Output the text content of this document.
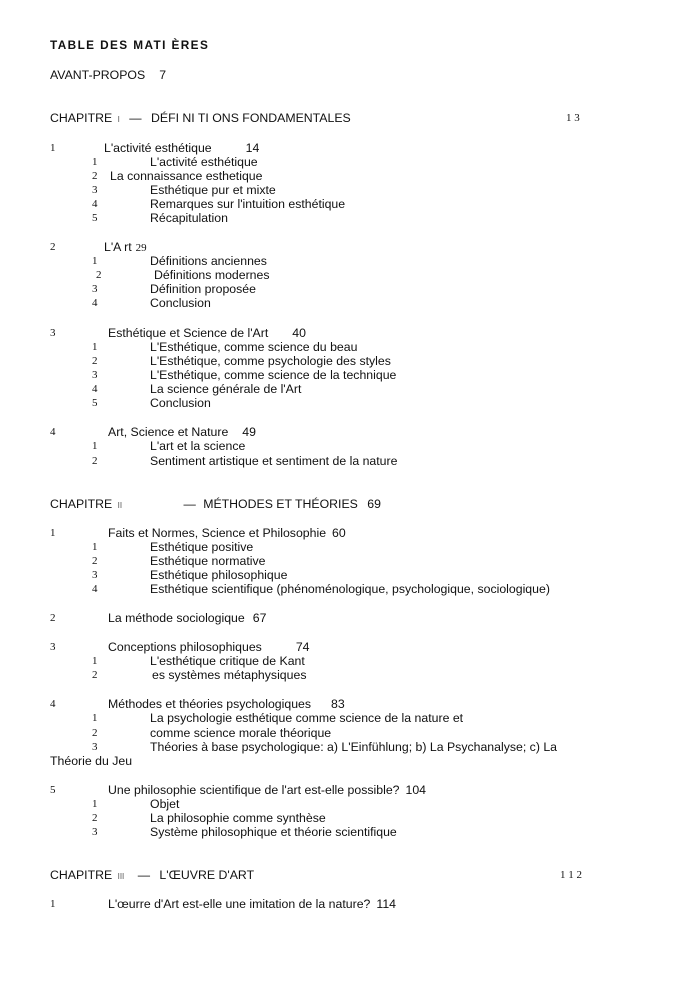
TABLE DES MATI ÈRES
AVANT-PROPOS 7
CHAPITRE I — DÉFI NI TI ONS FONDAMENTALES	1 3
1	L'activité esthétique	14
1	L'activité esthétique
2 La connaissance esthetique
3	Esthétique pur et mixte
4	Remarques sur l'intuition esthétique
5	Récapitulation
2	L'A rt 29
1	Définitions anciennes
2	Définitions modernes
3	Définition proposée
4	Conclusion
3	Esthétique et Science de l'Art 40
1	L'Esthétique, comme science du beau
2	L'Esthétique, comme psychologie des styles
3	L'Esthétique, comme science de la technique
4	La science générale de l'Art
5	Conclusion
4	Art, Science et Nature 49
1	L'art et la science
2	Sentiment artistique et sentiment de la nature
CHAPITRE II	— MÉTHODES ET THÉORIES 69
1	Faits et Normes, Science et Philosophie 60
1	Esthétique positive
2	Esthétique normative
3	Esthétique philosophique
4	Esthétique scientifique (phénoménologique, psychologique, sociologique)
2	La méthode sociologique 67
3	Conceptions philosophiques	74
1	L'esthétique critique de Kant
2	es systèmes métaphysiques
4	Méthodes et théories psychologiques 83
1	La psychologie esthétique comme science de la nature et
2	comme science morale théorique
3	Théories à base psychologique: a) L'Einfühlung; b) La Psychanalyse; c) La
Théorie du Jeu
5	Une philosophie scientifique de l'art est-elle possible? 104
1	Objet
2	La philosophie comme synthèse
3	Système philosophique et théorie scientifique
CHAPITRE III — L'ŒUVRE D'ART	1 1 2
1	L'œurre d'Art est-elle une imitation de la nature? 114
